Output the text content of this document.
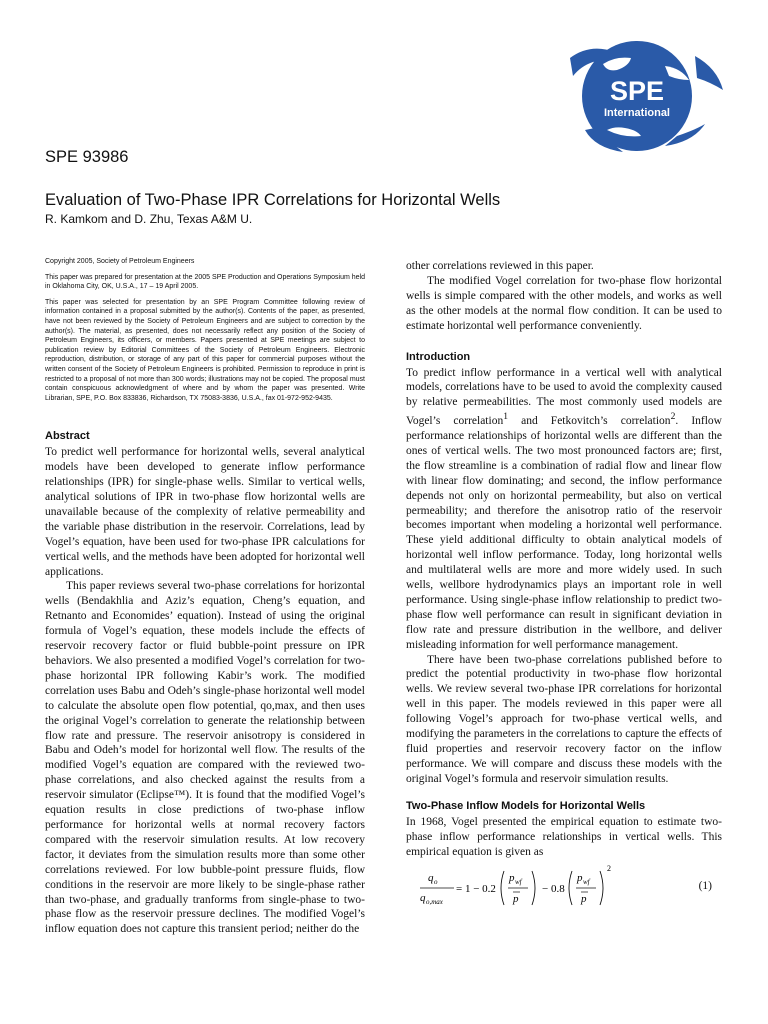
SPE
International
SPE 93986
Evaluation of Two-Phase IPR Correlations for Horizontal Wells
R. Kamkom and D. Zhu, Texas A&M U.

Copyright 2005, Society of Petroleum Engineers

This paper was prepared for presentation at the 2005 SPE Production and Operations Symposium held in Oklahoma City, OK, U.S.A., 17 – 19 April 2005.

This paper was selected for presentation by an SPE Program Committee following review of information contained in a proposal submitted by the author(s). Contents of the paper, as presented, have not been reviewed by the Society of Petroleum Engineers and are subject to correction by the author(s). The material, as presented, does not necessarily reflect any position of the Society of Petroleum Engineers, its officers, or members. Papers presented at SPE meetings are subject to publication review by Editorial Committees of the Society of Petroleum Engineers. Electronic reproduction, distribution, or storage of any part of this paper for commercial purposes without the written consent of the Society of Petroleum Engineers is prohibited. Permission to reproduce in print is restricted to a proposal of not more than 300 words; illustrations may not be copied. The proposal must contain conspicuous acknowledgment of where and by whom the paper was presented. Write Librarian, SPE, P.O. Box 833836, Richardson, TX 75083-3836, U.S.A., fax 01-972-952-9435.

Abstract

To predict well performance for horizontal wells, several analytical models have been developed to generate inflow performance relationships (IPR) for single-phase wells. Similar to vertical wells, analytical solutions of IPR in two-phase flow horizontal wells are unavailable because of the complexity of relative permeability and the variable phase distribution in the reservoir. Correlations, lead by Vogel’s equation, have been used for two-phase IPR calculations for vertical wells, and the methods have been adopted for horizontal well applications.

This paper reviews several two-phase correlations for horizontal wells (Bendakhlia and Aziz’s equation, Cheng’s equation, and Retnanto and Economides’ equation). Instead of using the original formula of Vogel’s equation, these models include the effects of reservoir recovery factor or fluid bubble-point pressure on IPR behaviors. We also presented a modified Vogel’s correlation for two-phase horizontal IPR following Kabir’s work. The modified correlation uses Babu and Odeh’s single-phase horizontal well model to calculate the absolute open flow potential, qo,max, and then uses the original Vogel’s correlation to generate the relationship between flow rate and pressure. The reservoir anisotropy is considered in Babu and Odeh’s model for horizontal well flow. The results of the modified Vogel’s equation are compared with the reviewed two-phase correlations, and also checked against the results from a reservoir simulator (Eclipse™). It is found that the modified Vogel’s equation results in close predictions of two-phase inflow performance for horizontal wells at normal recovery factors compared with the reservoir simulation results. At low recovery factor, it deviates from the simulation results more than some other correlations reviewed. For low bubble-point pressure fluids, flow conditions in the reservoir are more likely to be single-phase rather than two-phase, and gradually tranforms from single-phase to two-phase flow as the reservoir pressure declines. The modified Vogel’s inflow equation does not capture this transient period; neither do the

other correlations reviewed in this paper.

The modified Vogel correlation for two-phase flow horizontal wells is simple compared with the other models, and works as well as the other models at the normal flow condition. It can be used to estimate horizontal well performance conveniently.

Introduction

To predict inflow performance in a vertical well with analytical models, correlations have to be used to avoid the complexity caused by relative permeabilities. The most commonly used models are Vogel’s correlation$^1$ and Fetkovitch’s correlation$^2$. Inflow performance relationships of horizontal wells are different than the ones of vertical wells. The two most pronounced factors are; first, the flow streamline is a combination of radial flow and linear flow with linear flow dominating; and second, the inflow performance depends not only on horizontal permeability, but also on vertical permeability; and therefore the anisotrop ratio of the reservoir becomes important when modeling a horizontal well performance. These yield additional difficulty to obtain analytical models of horizontal well inflow performance. Today, long horizontal wells and multilateral wells are more and more widely used. In such wells, wellbore hydrodynamics plays an important role in well performance. Using single-phase inflow relationship to predict two-phase flow well performance can result in significant deviation in flow rate and pressure distribution in the wellbore, and deliver misleading information for well performance management.

There have been two-phase correlations published before to predict the potential productivity in two-phase flow horizontal wells. We review several two-phase IPR correlations for horizontal well in this paper. The models reviewed in this paper were all following Vogel’s approach for two-phase vertical wells, and modifying the parameters in the correlations to capture the effects of fluid properties and reservoir recovery factor on the inflow performance. We will compare and discuss these models with the original Vogel’s formula and reservoir simulation results.

Two-Phase Inflow Models for Horizontal Wells

In 1968, Vogel presented the empirical equation to estimate two-phase inflow performance relationships in vertical wells. This empirical equation is given as

q o
q o,max
= 1 − 0.2
p wf
p
− 0.8
p wf
p
2
(1)
